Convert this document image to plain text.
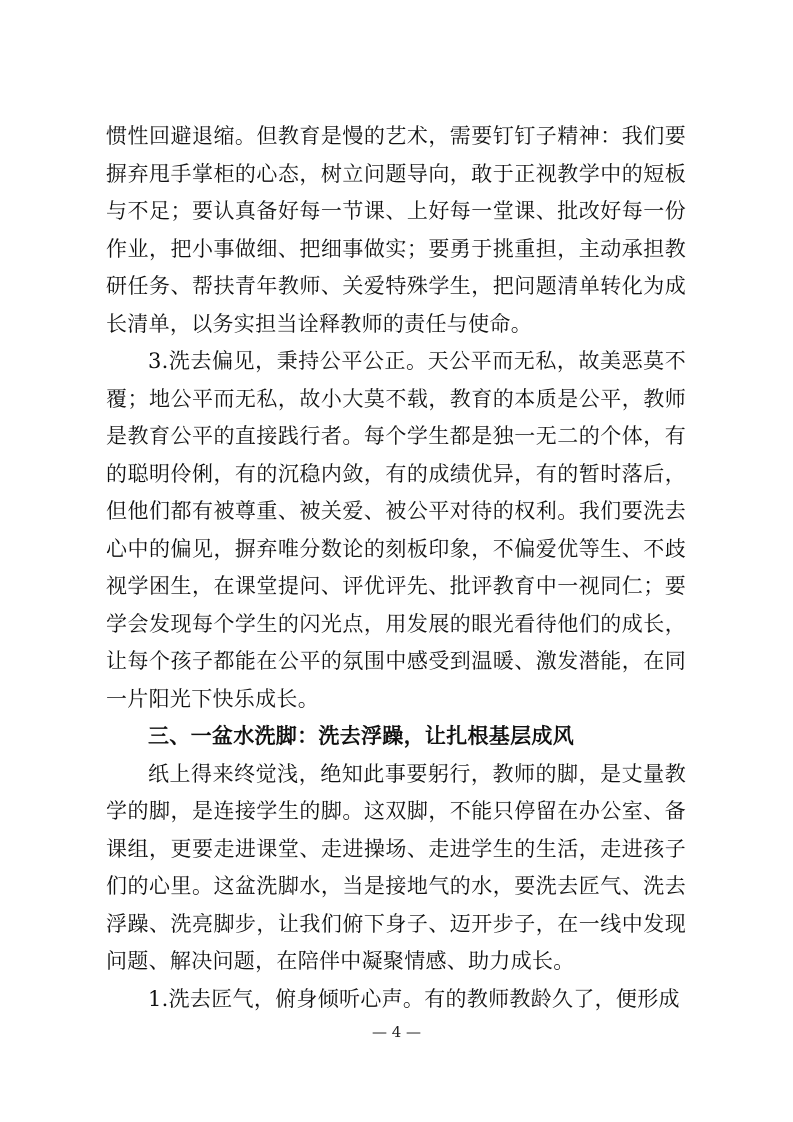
惯性回避退缩。但教育是慢的艺术，需要钉钉子精神：我们要摒弃甩手掌柜的心态，树立问题导向，敢于正视教学中的短板与不足；要认真备好每一节课、上好每一堂课、批改好每一份作业，把小事做细、把细事做实；要勇于挑重担，主动承担教研任务、帮扶青年教师、关爱特殊学生，把问题清单转化为成长清单，以务实担当诠释教师的责任与使命。

3.洗去偏见，秉持公平公正。天公平而无私，故美恶莫不覆；地公平而无私，故小大莫不载，教育的本质是公平，教师是教育公平的直接践行者。每个学生都是独一无二的个体，有的聪明伶俐，有的沉稳内敛，有的成绩优异，有的暂时落后，但他们都有被尊重、被关爱、被公平对待的权利。我们要洗去心中的偏见，摒弃唯分数论的刻板印象，不偏爱优等生、不歧视学困生，在课堂提问、评优评先、批评教育中一视同仁；要学会发现每个学生的闪光点，用发展的眼光看待他们的成长，让每个孩子都能在公平的氛围中感受到温暖、激发潜能，在同一片阳光下快乐成长。

三、一盆水洗脚：洗去浮躁，让扎根基层成风

纸上得来终觉浅，绝知此事要躬行，教师的脚，是丈量教学的脚，是连接学生的脚。这双脚，不能只停留在办公室、备课组，更要走进课堂、走进操场、走进学生的生活，走进孩子们的心里。这盆洗脚水，当是接地气的水，要洗去匠气、洗去浮躁、洗亮脚步，让我们俯下身子、迈开步子，在一线中发现问题、解决问题，在陪伴中凝聚情感、助力成长。

1.洗去匠气，俯身倾听心声。有的教师教龄久了，便形成

— 4 —
